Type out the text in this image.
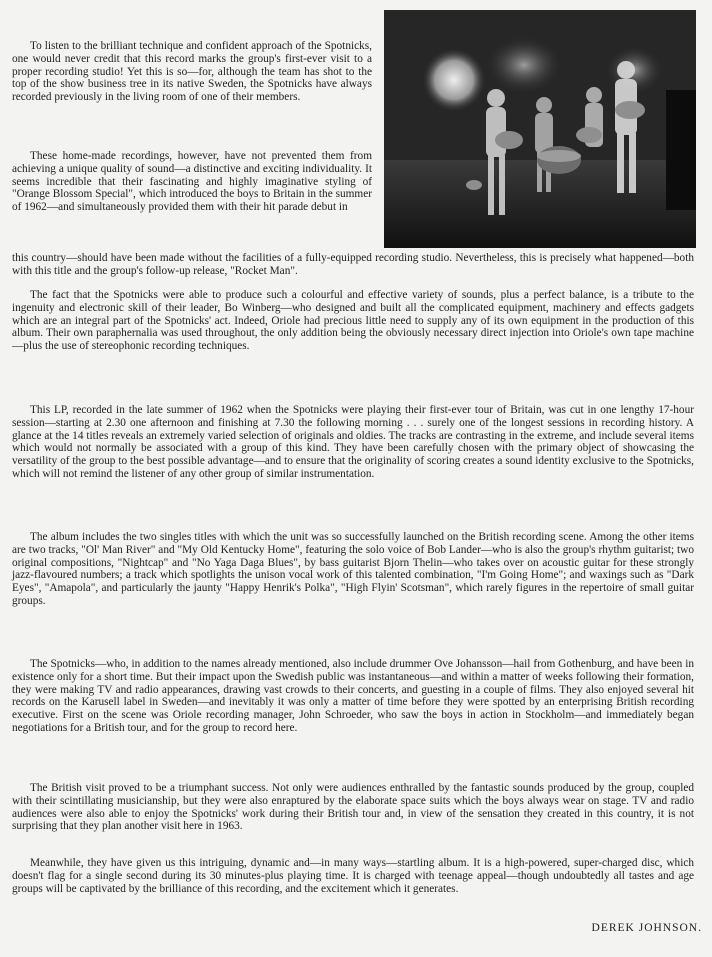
To listen to the brilliant technique and confident approach of the Spotnicks, one would never credit that this record marks the group's first-ever visit to a proper recording studio! Yet this is so—for, although the team has shot to the top of the show business tree in its native Sweden, the Spotnicks have always recorded previously in the living room of one of their members.

These home-made recordings, however, have not prevented them from achieving a unique quality of sound—a distinctive and exciting individuality. It seems incredible that their fascinating and highly imaginative styling of "Orange Blossom Special", which introduced the boys to Britain in the summer of 1962—and simultaneously provided them with their hit parade debut in

this country—should have been made without the facilities of a fully-equipped recording studio. Nevertheless, this is precisely what happened—both with this title and the group's follow-up release, "Rocket Man".

The fact that the Spotnicks were able to produce such a colourful and effective variety of sounds, plus a perfect balance, is a tribute to the ingenuity and electronic skill of their leader, Bo Winberg—who designed and built all the complicated equipment, machinery and effects gadgets which are an integral part of the Spotnicks' act. Indeed, Oriole had precious little need to supply any of its own equipment in the production of this album. Their own paraphernalia was used throughout, the only addition being the obviously necessary direct injection into Oriole's own tape machine—plus the use of stereophonic recording techniques.

This LP, recorded in the late summer of 1962 when the Spotnicks were playing their first-ever tour of Britain, was cut in one lengthy 17-hour session—starting at 2.30 one afternoon and finishing at 7.30 the following morning . . . surely one of the longest sessions in recording history. A glance at the 14 titles reveals an extremely varied selection of originals and oldies. The tracks are contrasting in the extreme, and include several items which would not normally be associated with a group of this kind. They have been carefully chosen with the primary object of showcasing the versatility of the group to the best possible advantage—and to ensure that the originality of scoring creates a sound identity exclusive to the Spotnicks, which will not remind the listener of any other group of similar instrumentation.

The album includes the two singles titles with which the unit was so successfully launched on the British recording scene. Among the other items are two tracks, "Ol' Man River" and "My Old Kentucky Home", featuring the solo voice of Bob Lander—who is also the group's rhythm guitarist; two original compositions, "Nightcap" and "No Yaga Daga Blues", by bass guitarist Bjorn Thelin—who takes over on acoustic guitar for these strongly jazz-flavoured numbers; a track which spotlights the unison vocal work of this talented combination, "I'm Going Home"; and waxings such as "Dark Eyes", "Amapola", and particularly the jaunty "Happy Henrik's Polka", "High Flyin' Scotsman", which rarely figures in the repertoire of small guitar groups.

The Spotnicks—who, in addition to the names already mentioned, also include drummer Ove Johansson—hail from Gothenburg, and have been in existence only for a short time. But their impact upon the Swedish public was instantaneous—and within a matter of weeks following their formation, they were making TV and radio appearances, drawing vast crowds to their concerts, and guesting in a couple of films. They also enjoyed several hit records on the Karusell label in Sweden—and inevitably it was only a matter of time before they were spotted by an enterprising British recording executive. First on the scene was Oriole recording manager, John Schroeder, who saw the boys in action in Stockholm—and immediately began negotiations for a British tour, and for the group to record here.

The British visit proved to be a triumphant success. Not only were audiences enthralled by the fantastic sounds produced by the group, coupled with their scintillating musicianship, but they were also enraptured by the elaborate space suits which the boys always wear on stage. TV and radio audiences were also able to enjoy the Spotnicks' work during their British tour and, in view of the sensation they created in this country, it is not surprising that they plan another visit here in 1963.

Meanwhile, they have given us this intriguing, dynamic and—in many ways—startling album. It is a high-powered, super-charged disc, which doesn't flag for a single second during its 30 minutes-plus playing time. It is charged with teenage appeal—though undoubtedly all tastes and age groups will be captivated by the brilliance of this recording, and the excitement which it generates.

DEREK JOHNSON.
